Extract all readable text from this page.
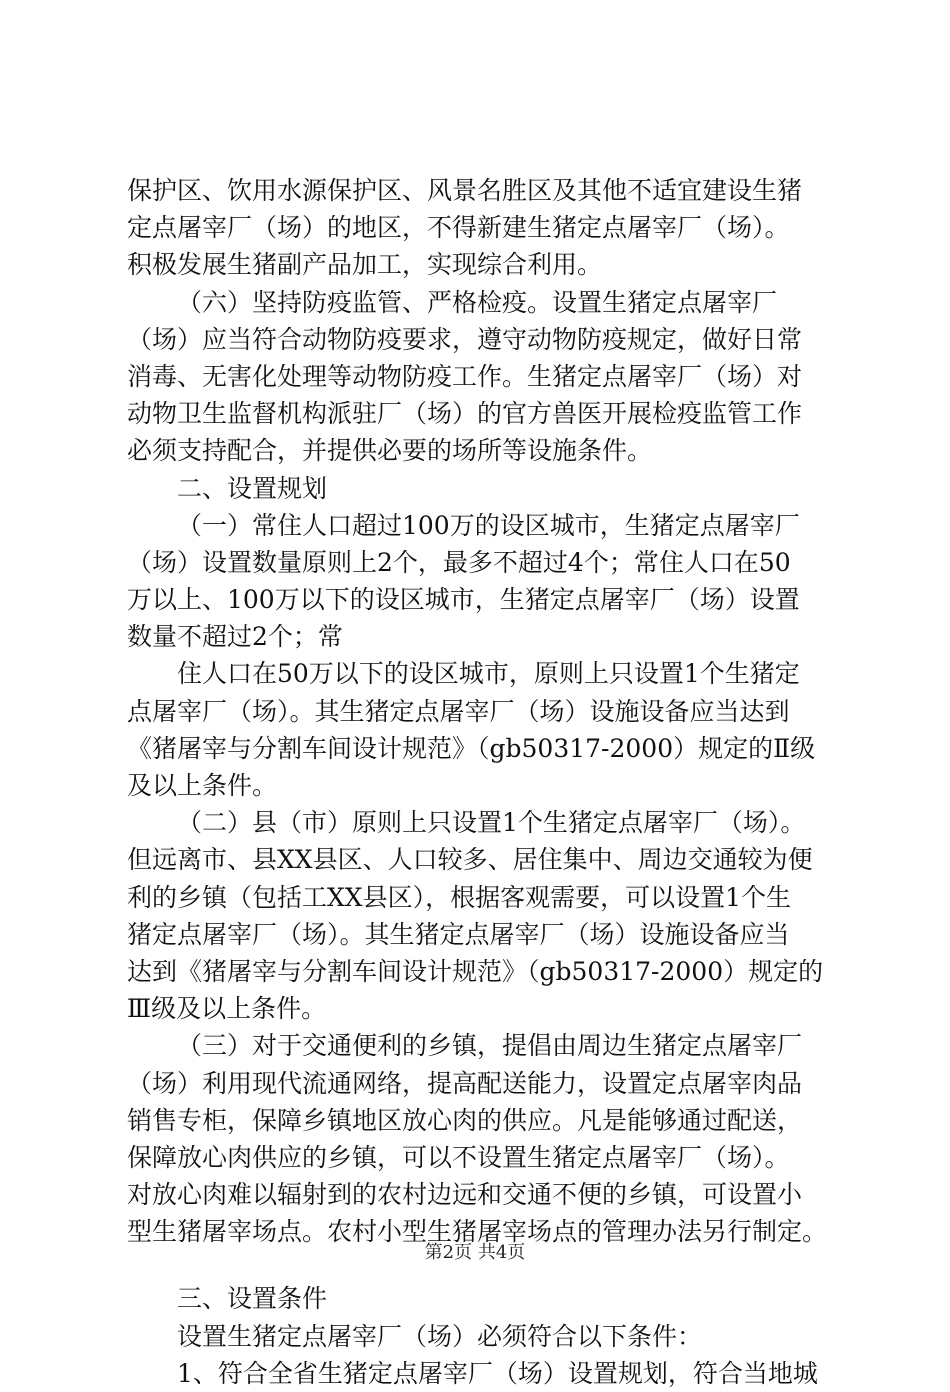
保护区、饮用水源保护区、风景名胜区及其他不适宜建设生猪
定点屠宰厂（场）的地区，不得新建生猪定点屠宰厂（场）。
积极发展生猪副产品加工，实现综合利用。
（六）坚持防疫监管、严格检疫。设置生猪定点屠宰厂
（场）应当符合动物防疫要求，遵守动物防疫规定，做好日常
消毒、无害化处理等动物防疫工作。生猪定点屠宰厂（场）对
动物卫生监督机构派驻厂（场）的官方兽医开展检疫监管工作
必须支持配合，并提供必要的场所等设施条件。
二、设置规划
（一）常住人口超过100万的设区城市，生猪定点屠宰厂
（场）设置数量原则上2个，最多不超过4个；常住人口在50
万以上、100万以下的设区城市，生猪定点屠宰厂（场）设置
数量不超过2个；常
住人口在50万以下的设区城市，原则上只设置1个生猪定
点屠宰厂（场）。其生猪定点屠宰厂（场）设施设备应当达到
《猪屠宰与分割车间设计规范》（gb50317-2000）规定的Ⅱ级
及以上条件。
（二）县（市）原则上只设置1个生猪定点屠宰厂（场）。
但远离市、县XX县区、人口较多、居住集中、周边交通较为便
利的乡镇（包括工XX县区），根据客观需要，可以设置1个生
猪定点屠宰厂（场）。其生猪定点屠宰厂（场）设施设备应当
达到《猪屠宰与分割车间设计规范》（gb50317-2000）规定的
Ⅲ级及以上条件。
（三）对于交通便利的乡镇，提倡由周边生猪定点屠宰厂
（场）利用现代流通网络，提高配送能力，设置定点屠宰肉品
销售专柜，保障乡镇地区放心肉的供应。凡是能够通过配送，
保障放心肉供应的乡镇，可以不设置生猪定点屠宰厂（场）。
对放心肉难以辐射到的农村边远和交通不便的乡镇，可设置小
型生猪屠宰场点。农村小型生猪屠宰场点的管理办法另行制定。
三、设置条件
设置生猪定点屠宰厂（场）必须符合以下条件：
1、符合全省生猪定点屠宰厂（场）设置规划，符合当地城
第2页 共4页
